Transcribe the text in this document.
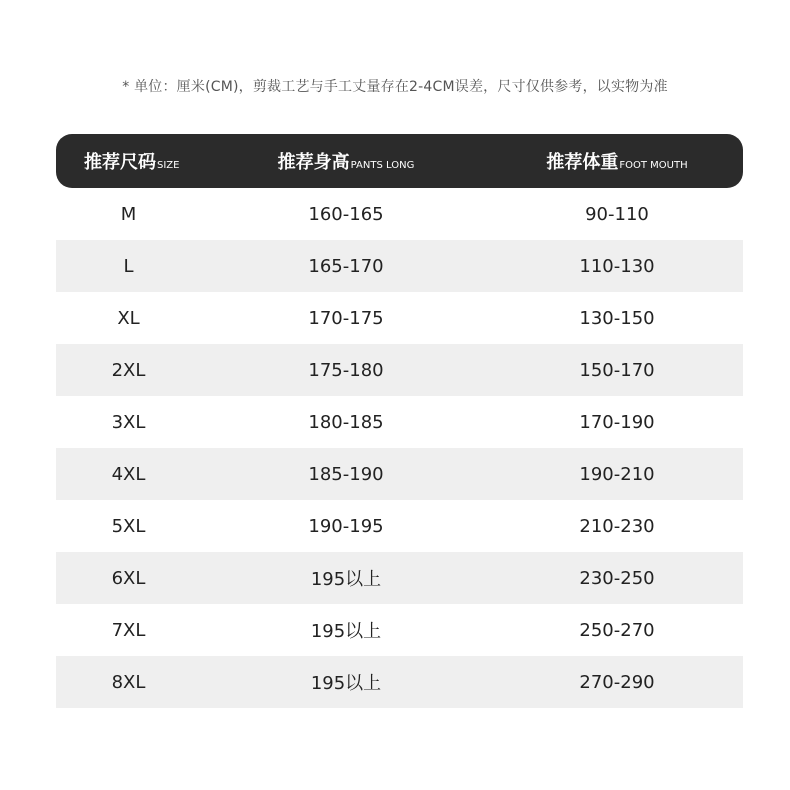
* 单位：厘米(CM)，剪裁工艺与手工丈量存在2-4CM误差，尺寸仅供参考，以实物为准
推荐尺码 SIZE	推荐身高 PANTS LONG	推荐体重 FOOT MOUTH
M	160-165	90-110
L	165-170	110-130
XL	170-175	130-150
2XL	175-180	150-170
3XL	180-185	170-190
4XL	185-190	190-210
5XL	190-195	210-230
6XL	195以上	230-250
7XL	195以上	250-270
8XL	195以上	270-290
